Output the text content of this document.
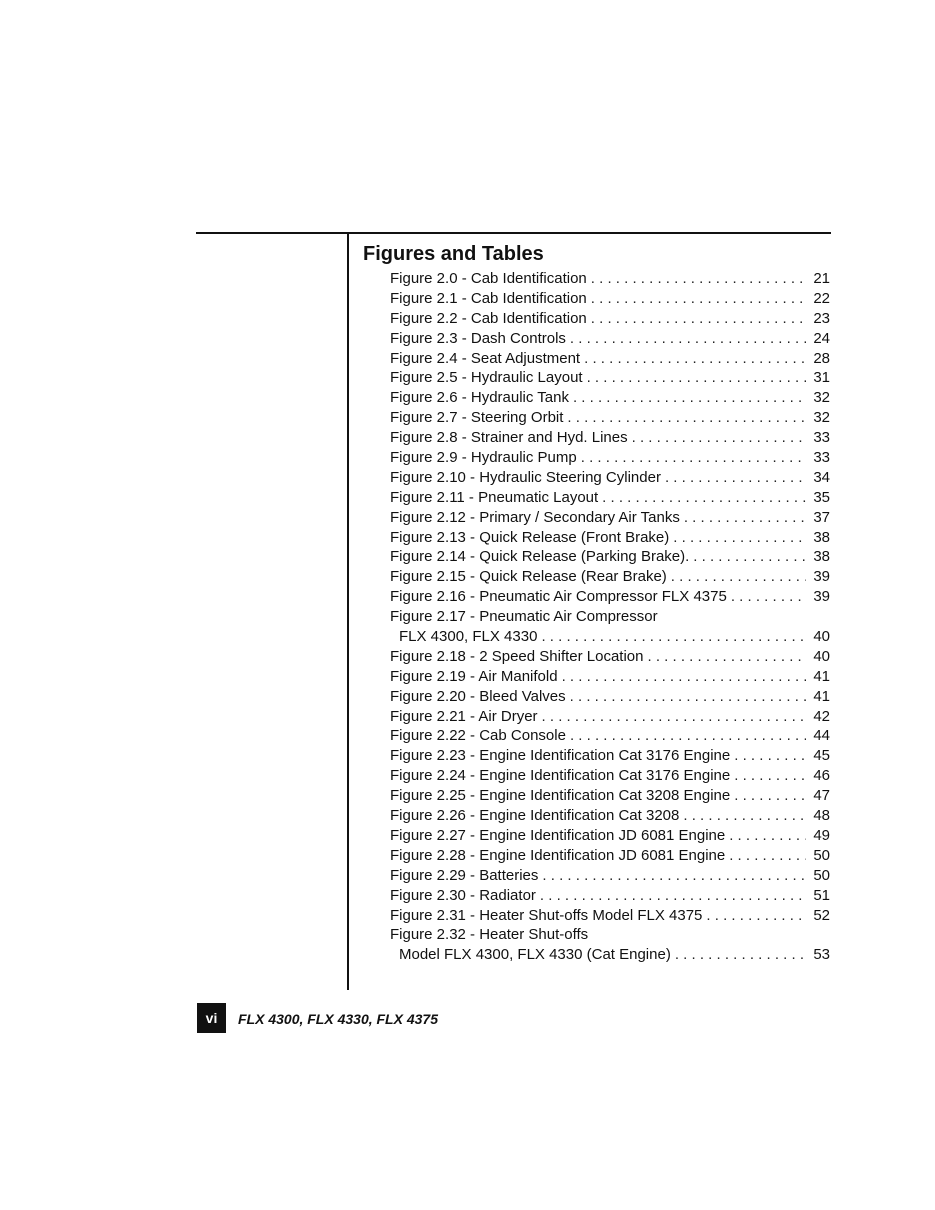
Figures and Tables
Figure 2.0 - Cab Identification . . .	21
Figure 2.1 - Cab Identification . . .	22
Figure 2.2 - Cab Identification . . .	23
Figure 2.3 - Dash Controls . . .	24
Figure 2.4 - Seat Adjustment . . .	28
Figure 2.5 - Hydraulic Layout . . .	31
Figure 2.6 - Hydraulic Tank . . .	32
Figure 2.7 - Steering Orbit . . .	32
Figure 2.8 - Strainer and Hyd. Lines . . .	33
Figure 2.9 - Hydraulic Pump . . .	33
Figure 2.10 - Hydraulic Steering Cylinder . . .	34
Figure 2.11 - Pneumatic Layout . . .	35
Figure 2.12 - Primary / Secondary Air Tanks . . .	37
Figure 2.13 - Quick Release (Front Brake) . . .	38
Figure 2.14 - Quick Release (Parking Brake). . . .	38
Figure 2.15 - Quick Release (Rear Brake) . . .	39
Figure 2.16 - Pneumatic Air Compressor FLX 4375 . . .	39
Figure 2.17 - Pneumatic Air Compressor
FLX 4300, FLX 4330 . . .	40
Figure 2.18 - 2 Speed Shifter Location . . .	40
Figure 2.19 - Air Manifold . . .	41
Figure 2.20 - Bleed Valves . . .	41
Figure 2.21 - Air Dryer . . .	42
Figure 2.22 - Cab Console . . .	44
Figure 2.23 - Engine Identification Cat 3176 Engine . . .	45
Figure 2.24 - Engine Identification Cat 3176 Engine . . .	46
Figure 2.25 - Engine Identification Cat 3208 Engine . . .	47
Figure 2.26 - Engine Identification Cat 3208 . . .	48
Figure 2.27 - Engine Identification JD 6081 Engine . . .	49
Figure 2.28 - Engine Identification JD 6081 Engine . . .	50
Figure 2.29 - Batteries . . .	50
Figure 2.30 - Radiator . . .	51
Figure 2.31 - Heater Shut-offs Model FLX 4375 . . .	52
Figure 2.32 - Heater Shut-offs
Model FLX 4300, FLX 4330 (Cat Engine) . . .	53
vi	FLX 4300, FLX 4330, FLX 4375
